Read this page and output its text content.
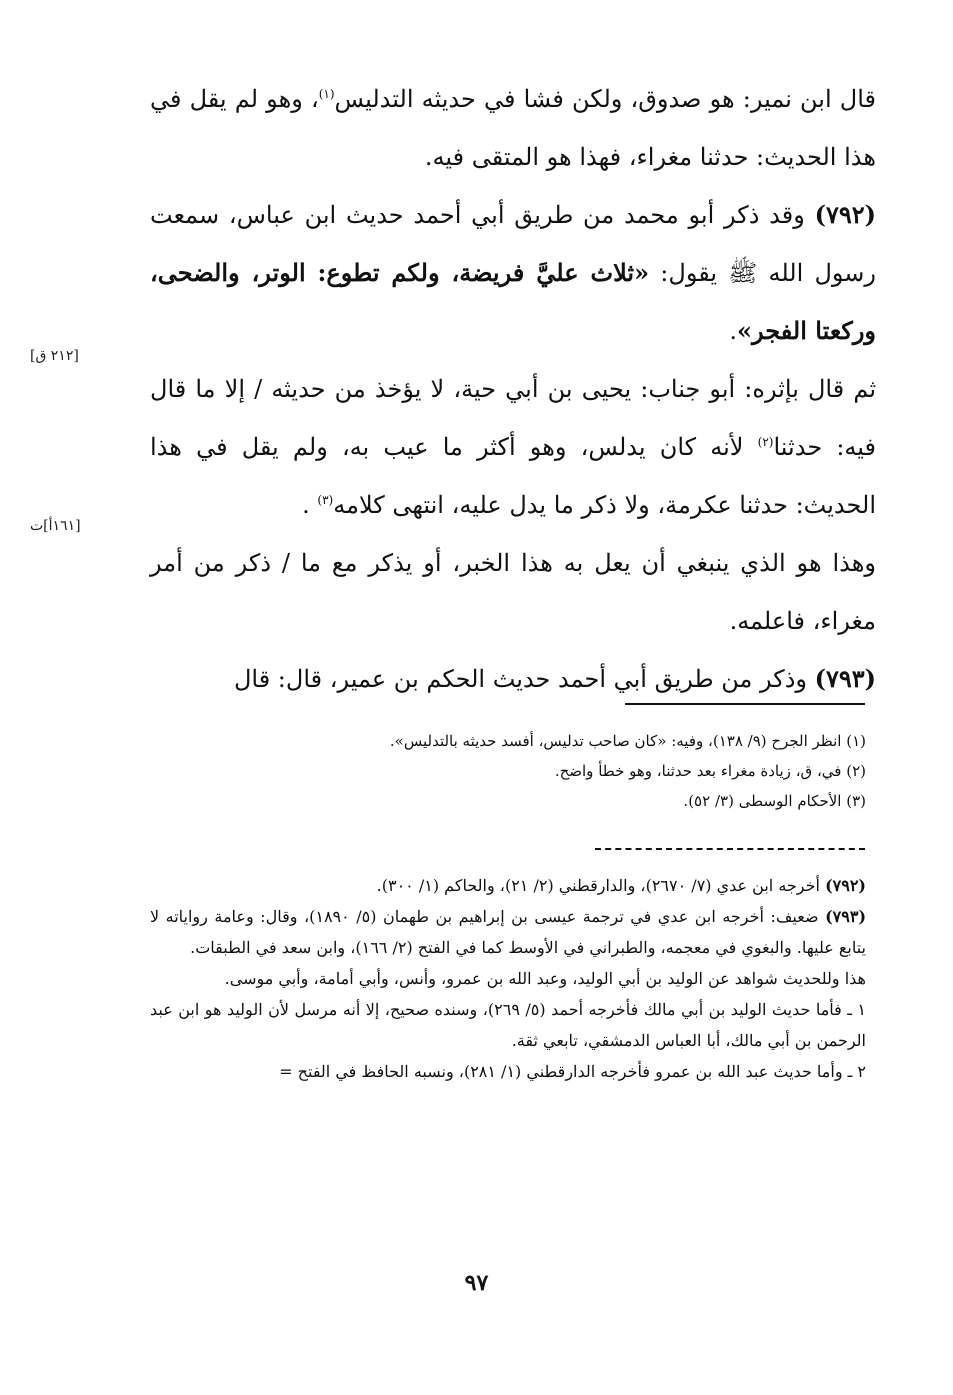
قال ابن نمير: هو صدوق، ولكن فشا في حديثه التدليس$^{(١)}$، وهو لم يقل في هذا الحديث: حدثنا مغراء، فهذا هو المتقى فيه.

(٧٩٢) وقد ذكر أبو محمد من طريق أبي أحمد حديث ابن عباس، سمعت رسول الله ﷺ يقول: «ثلاث عليَّ فريضة، ولكم تطوع: الوتر، والضحى، وركعتا الفجر».

ثم قال بإثره: أبو جناب: يحيى بن أبي حية، لا يؤخذ من حديثه / إلا ما قال فيه: حدثنا$^{(٢)}$ لأنه كان يدلس، وهو أكثر ما عيب به، ولم يقل في هذا الحديث: حدثنا عكرمة، ولا ذكر ما يدل عليه، انتهى كلامه$^{(٣)}$ .

وهذا هو الذي ينبغي أن يعل به هذا الخبر، أو يذكر مع ما / ذكر من أمر مغراء، فاعلمه.

(٧٩٣) وذكر من طريق أبي أحمد حديث الحكم بن عمير، قال: قال

[٢١٢ ق]
[١٦١أ]ت

(١) انظر الجرح (٩/ ١٣٨)، وفيه: «كان صاحب تدليس، أفسد حديثه بالتدليس».

(٢) في، ق، زيادة مغراء بعد حدثنا، وهو خطأ واضح.

(٣) الأحكام الوسطى (٣/ ٥٢).

(٧٩٢) أخرجه ابن عدي (٧/ ٢٦٧٠)، والدارقطني (٢/ ٢١)، والحاكم (١/ ٣٠٠).

(٧٩٣) ضعيف: أخرجه ابن عدي في ترجمة عيسى بن إبراهيم بن طهمان (٥/ ١٨٩٠)، وقال: وعامة رواياته لا يتابع عليها. والبغوي في معجمه، والطبراني في الأوسط كما في الفتح (٢/ ١٦٦)، وابن سعد في الطبقات.

هذا وللحديث شواهد عن الوليد بن أبي الوليد، وعبد الله بن عمرو، وأنس، وأبي أمامة، وأبي موسى.

١ ـ فأما حديث الوليد بن أبي مالك فأخرجه أحمد (٥/ ٢٦٩)، وسنده صحيح، إلا أنه مرسل لأن الوليد هو ابن عبد الرحمن بن أبي مالك، أبا العباس الدمشقي، تابعي ثقة.

٢ ـ وأما حديث عبد الله بن عمرو فأخرجه الدارقطني (١/ ٢٨١)، ونسبه الحافظ في الفتح =

٩٧
